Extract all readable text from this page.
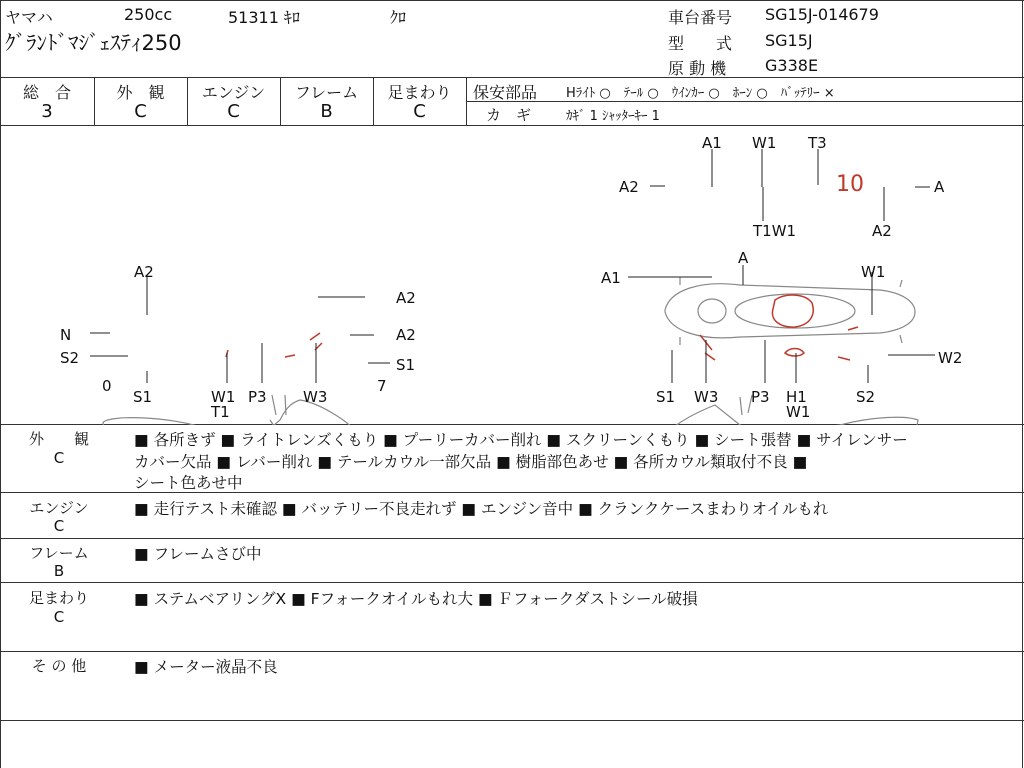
ヤマハ	250cc	51311 ｷﾛ	ｸﾛ
ｸﾞﾗﾝﾄﾞﾏｼﾞｪｽﾃｨ250
車台番号 SG15J-014679
型　　式 SG15J
原 動 機 G338E
総　合
3
外　観
C
エンジン
C
フレーム
B
足まわり
C
保安部品 Hﾗｲﾄ ○　ﾃｰﾙ ○　ｳｲﾝｶｰ ○　ﾎｰﾝ ○　ﾊﾞｯﾃﾘｰ ×
カ　ギ	ｶｷﾞ 1 ｼｬｯﾀｰｷｰ 1
10
A1 W1 T3
A2	A
T1W1	A2
A2
A2
N	A2
S2	S1
0	7
S1	W1
T1
P3 W3
A
A1	W1
W2
S1 W3 P3 H1
W1
S2
外　　観
C
■ 各所きず ■ ライトレンズくもり ■ プーリーカバー削れ ■ スクリーンくもり ■ シート張替 ■ サイレンサー
カバー欠品 ■ レバー削れ ■ テールカウル一部欠品 ■ 樹脂部色あせ ■ 各所カウル類取付不良 ■
シート色あせ中
エンジン
C
■ 走行テスト未確認 ■ バッテリー不良走れず ■ エンジン音中 ■ クランクケースまわりオイルもれ
フレーム
B
■ フレームさび中
足まわり
C
■ ステムベアリングX ■ Fフォークオイルもれ大 ■ Ｆフォークダストシール破損
そ の 他	■ メーター液晶不良
